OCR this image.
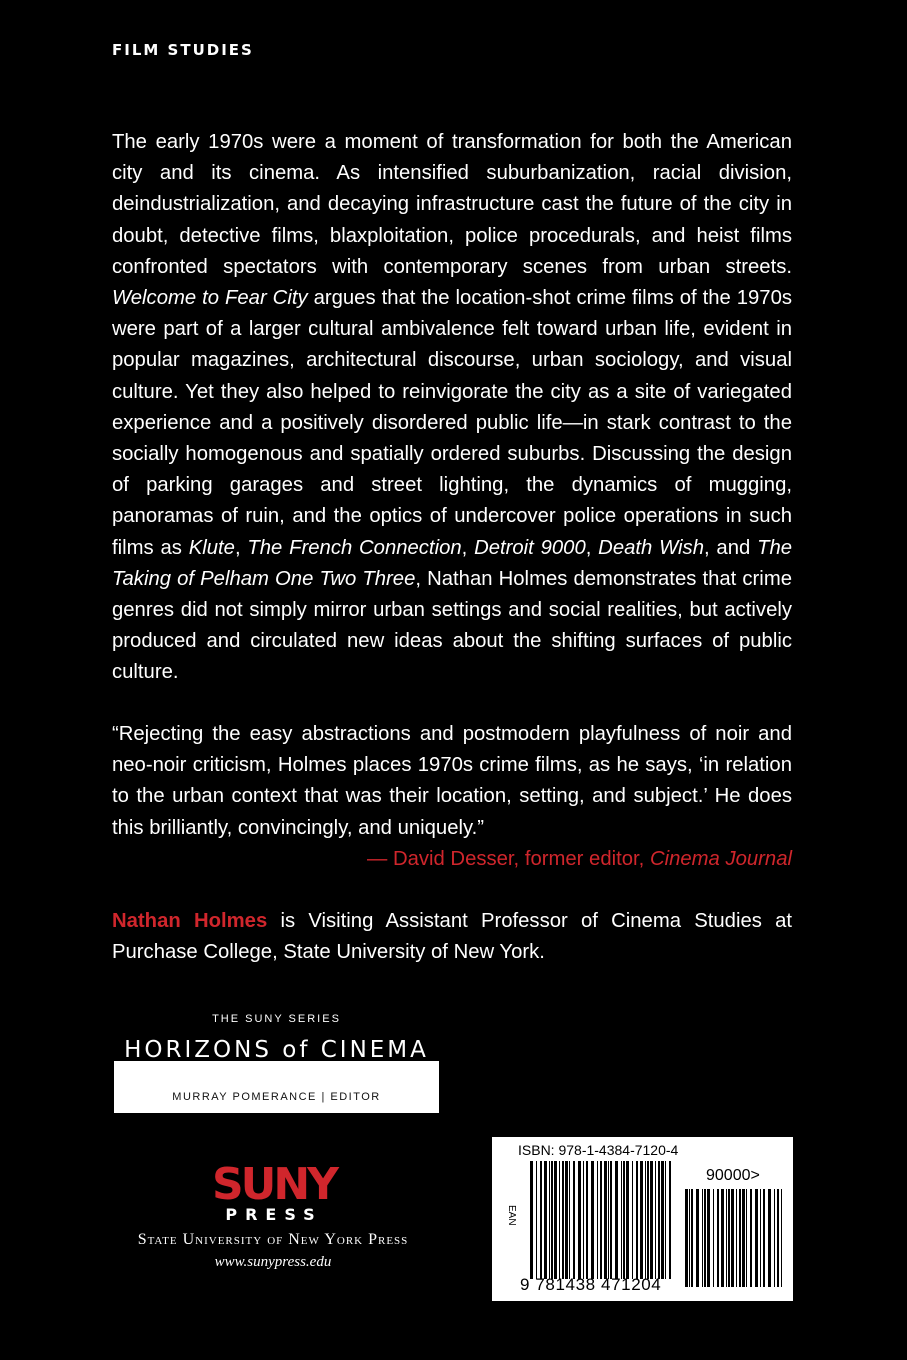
FILM STUDIES

The early 1970s were a moment of transformation for both the American city and its cinema. As intensified suburbanization, racial division, deindustrialization, and decaying infrastructure cast the future of the city in doubt, detective films, blaxploitation, police procedurals, and heist films confronted spectators with contemporary scenes from urban streets. Welcome to Fear City argues that the location-shot crime films of the 1970s were part of a larger cultural ambivalence felt toward urban life, evident in popular magazines, architectural discourse, urban sociology, and visual culture. Yet they also helped to reinvigorate the city as a site of variegated experience and a positively disordered public life—in stark contrast to the socially homogenous and spatially ordered suburbs. Discussing the design of parking garages and street lighting, the dynamics of mugging, panoramas of ruin, and the optics of undercover police operations in such films as Klute, The French Connection, Detroit 9000, Death Wish, and The Taking of Pelham One Two Three, Nathan Holmes demonstrates that crime genres did not simply mirror urban settings and social realities, but actively produced and circulated new ideas about the shifting surfaces of public culture.

“Rejecting the easy abstractions and postmodern playfulness of noir and neo-noir criticism, Holmes places 1970s crime films, as he says, ‘in relation to the urban context that was their location, setting, and subject.’ He does this brilliantly, convincingly, and uniquely.”

— David Desser, former editor, Cinema Journal

Nathan Holmes is Visiting Assistant Professor of Cinema Studies at Purchase College, State University of New York.

THE SUNY SERIES
HORIZONS of CINEMA
MURRAY POMERANCE | EDITOR
SUNY
PRESS
State University of New York Press
www.sunypress.edu
ISBN: 978-1-4384-7120-4
90000>
EAN
9 781438 471204
